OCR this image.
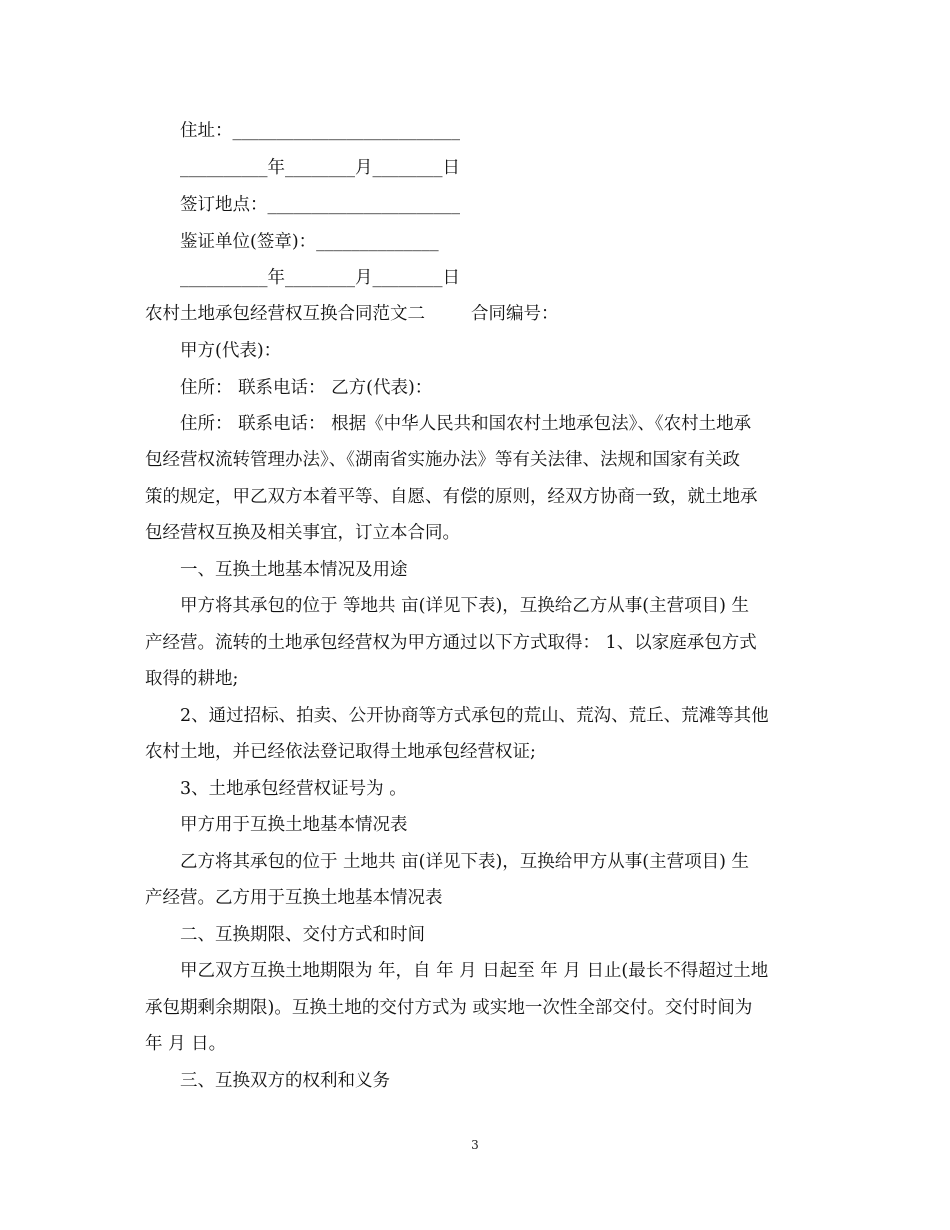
住址：__________________________
__________年________月________日
签订地点：______________________
鉴证单位(签章)：______________
__________年________月________日
农村土地承包经营权互换合同范文二	合同编号：
甲方(代表)：
住所： 联系电话： 乙方(代表)：
住所： 联系电话： 根据《中华人民共和国农村土地承包法》、《农村土地承
包经营权流转管理办法》、《湖南省实施办法》等有关法律、法规和国家有关政
策的规定，甲乙双方本着平等、自愿、有偿的原则，经双方协商一致，就土地承
包经营权互换及相关事宜，订立本合同。
一、互换土地基本情况及用途
甲方将其承包的位于 等地共 亩(详见下表)，互换给乙方从事(主营项目) 生
产经营。流转的土地承包经营权为甲方通过以下方式取得： 1、以家庭承包方式
取得的耕地;
2、通过招标、拍卖、公开协商等方式承包的荒山、荒沟、荒丘、荒滩等其他
农村土地，并已经依法登记取得土地承包经营权证;
3、土地承包经营权证号为 。
甲方用于互换土地基本情况表
乙方将其承包的位于 土地共 亩(详见下表)，互换给甲方从事(主营项目) 生
产经营。乙方用于互换土地基本情况表
二、互换期限、交付方式和时间
甲乙双方互换土地期限为 年，自 年 月 日起至 年 月 日止(最长不得超过土地
承包期剩余期限)。互换土地的交付方式为 或实地一次性全部交付。交付时间为
年 月 日。
三、互换双方的权利和义务
3
